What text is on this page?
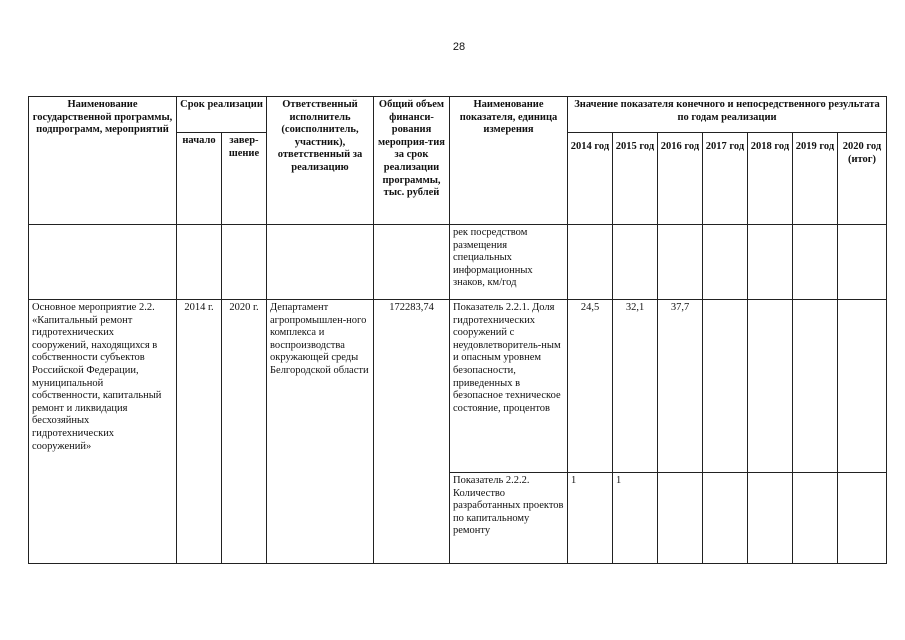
28
Наименование государственной программы, подпрограмм, мероприятий	Срок реализации		Ответственный исполнитель (соисполнитель, участник), ответственный за реализацию	Общий объем финанси-рования мероприя-тия за срок реализации программы, тыс. рублей	Наименование показателя, единица измерения	Значение показателя конечного и непосредственного результата по годам реализации						
	начало	завер-шение				2014 год	2015 год	2016 год	2017 год	2018 год	2019 год	2020 год (итог)
					рек посредством размещения специальных информационных знаков, км/год							
Основное мероприятие 2.2. «Капитальный ремонт гидротехнических сооружений, находящихся в собственности субъектов Российской Федерации, муниципальной собственности, капитальный ремонт и ликвидация бесхозяйных гидротехнических сооружений»	2014 г.	2020 г.	Департамент агропромышлен-ного комплекса и воспроизводства окружающей среды Белгородской области	172283,74	Показатель 2.2.1. Доля гидротехнических сооружений с неудовлетворитель-ным и опасным уровнем безопасности, приведенных в безопасное техническое состояние, процентов	24,5	32,1	37,7				
					Показатель 2.2.2. Количество разработанных проектов по капитальному ремонту	1	1					
